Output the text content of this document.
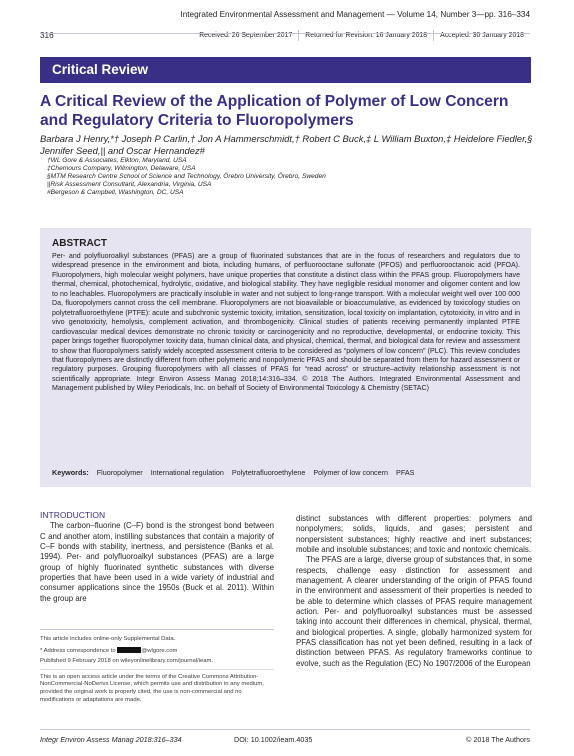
Integrated Environmental Assessment and Management — Volume 14, Number 3—pp. 316–334
316	Received: 26 September 2017	Returned for Revision: 16 January 2018	Accepted: 30 January 2018
Critical Review
A Critical Review of the Application of Polymer of Low Concern and Regulatory Criteria to Fluoropolymers
Barbara J Henry,*† Joseph P Carlin,† Jon A Hammerschmidt,† Robert C Buck,‡ L William Buxton,‡ Heidelore Fiedler,§ Jennifer Seed,|| and Oscar Hernandez#
†WL Gore & Associates, Elkton, Maryland, USA
‡Chemours Company, Wilmington, Delaware, USA
§MTM Research Centre School of Science and Technology, Örebro University, Örebro, Sweden
||Risk Assessment Consultant, Alexandria, Virginia, USA
#Bergeson & Campbell, Washington, DC, USA
ABSTRACT

Per- and polyfluoroalkyl substances (PFAS) are a group of fluorinated substances that are in the focus of researchers and regulators due to widespread presence in the environment and biota, including humans, of perfluorooctane sulfonate (PFOS) and perfluorooctanoic acid (PFOA). Fluoropolymers, high molecular weight polymers, have unique properties that constitute a distinct class within the PFAS group. Fluoropolymers have thermal, chemical, photochemical, hydrolytic, oxidative, and biological stability. They have negligible residual monomer and oligomer content and low to no leachables. Fluoropolymers are practically insoluble in water and not subject to long-range transport. With a molecular weight well over 100 000 Da, fluoropolymers cannot cross the cell membrane. Fluoropolymers are not bioavailable or bioaccumulative, as evidenced by toxicology studies on polytetrafluoroethylene (PTFE): acute and subchronic systemic toxicity, irritation, sensitization, local toxicity on implantation, cytotoxicity, in vitro and in vivo genotoxicity, hemolysis, complement activation, and thrombogenicity. Clinical studies of patients receiving permanently implanted PTFE cardiovascular medical devices demonstrate no chronic toxicity or carcinogenicity and no reproductive, developmental, or endocrine toxicity. This paper brings together fluoropolymer toxicity data, human clinical data, and physical, chemical, thermal, and biological data for review and assessment to show that fluoropolymers satisfy widely accepted assessment criteria to be considered as “polymers of low concern” (PLC). This review concludes that fluoropolymers are distinctly different from other polymeric and nonpolymeric PFAS and should be separated from them for hazard assessment or regulatory purposes. Grouping fluoropolymers with all classes of PFAS for “read across” or structure–activity relationship assessment is not scientifically appropriate. Integr Environ Assess Manag 2018;14:316–334. © 2018 The Authors. Integrated Environmental Assessment and Management published by Wiley Periodicals, Inc. on behalf of Society of Environmental Toxicology & Chemistry (SETAC)

Keywords: Fluoropolymer International regulation Polytetrafluoroethylene Polymer of low concern PFAS
INTRODUCTION

The carbon–fluorine (C–F) bond is the strongest bond between C and another atom, instilling substances that contain a majority of C–F bonds with stability, inertness, and persistence (Banks et al. 1994). Per- and polyfluoroalkyl substances (PFAS) are a large group of highly fluorinated synthetic substances with diverse properties that have been used in a wide variety of industrial and consumer applications since the 1950s (Buck et al. 2011). Within the group are

This article includes online-only Supplemental Data.

* Address correspondence to	@wlgore.com

Published 9 February 2018 on wileyonlinelibrary.com/journal/ieam.

This is an open access article under the terms of the Creative Commons Attribution-NonCommercial-NoDerivs License, which permits use and distribution in any medium, provided the original work is properly cited, the use is non-commercial and no modifications or adaptations are made.

distinct substances with different properties: polymers and nonpolymers; solids, liquids, and gases; persistent and nonpersistent substances; highly reactive and inert substances; mobile and insoluble substances; and toxic and nontoxic chemicals.

The PFAS are a large, diverse group of substances that, in some respects, challenge easy distinction for assessment and management. A clearer understanding of the origin of PFAS found in the environment and assessment of their properties is needed to be able to determine which classes of PFAS require management action. Per- and polyfluoroalkyl substances must be assessed taking into account their differences in chemical, physical, thermal, and biological properties. A single, globally harmonized system for PFAS classification has not yet been defined, resulting in a lack of distinction between PFAS. As regulatory frameworks continue to evolve, such as the Regulation (EC) No 1907/2006 of the European

Integr Environ Assess Manag 2018:316–334	DOI: 10.1002/ieam.4035	© 2018 The Authors
